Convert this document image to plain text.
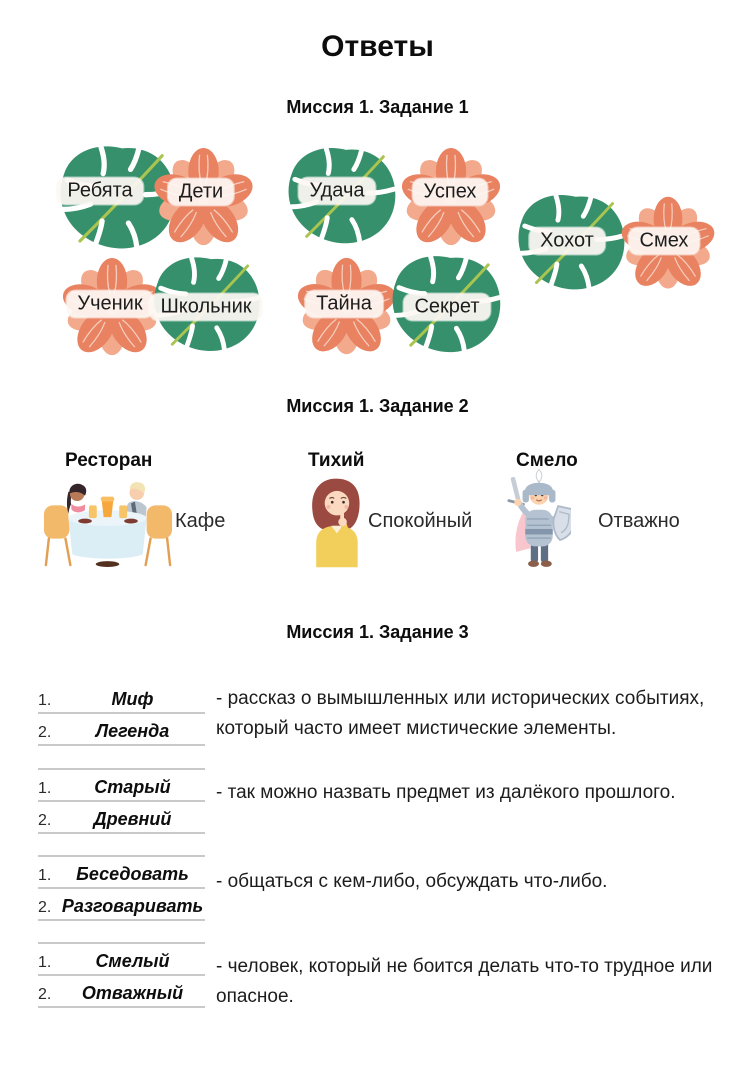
Ответы
Миссия 1. Задание 1
Ребята	Дети	Удача	Успех
Хохот	Смех
Ученик Школьник	Тайна	Секрет
Миссия 1. Задание 2
Ресторан
Кафе
Тихий
Спокойный
Смело
Отважно
Миссия 1. Задание 3
1.	Миф
2.	Легенда
- рассказ о вымышленных или исторических событиях, который часто имеет мистические элементы.
1.	Старый
2.	Древний
- так можно назвать предмет из далёкого прошлого.
1.	Беседовать
2. Разговаривать
- общаться с кем-либо, обсуждать что-либо.
1.	Смелый
2.	Отважный
- человек, который не боится делать что-то трудное или опасное.
